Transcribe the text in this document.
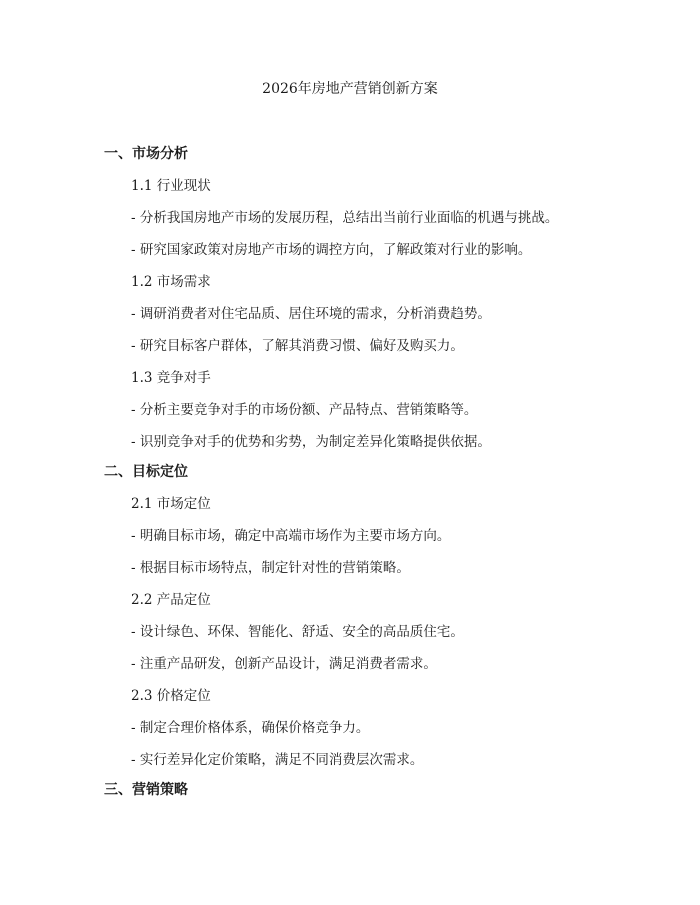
2026年房地产营销创新方案
一、市场分析
1.1 行业现状
- 分析我国房地产市场的发展历程，总结出当前行业面临的机遇与挑战。
- 研究国家政策对房地产市场的调控方向，了解政策对行业的影响。
1.2 市场需求
- 调研消费者对住宅品质、居住环境的需求，分析消费趋势。
- 研究目标客户群体，了解其消费习惯、偏好及购买力。
1.3 竞争对手
- 分析主要竞争对手的市场份额、产品特点、营销策略等。
- 识别竞争对手的优势和劣势，为制定差异化策略提供依据。
二、目标定位
2.1 市场定位
- 明确目标市场，确定中高端市场作为主要市场方向。
- 根据目标市场特点，制定针对性的营销策略。
2.2 产品定位
- 设计绿色、环保、智能化、舒适、安全的高品质住宅。
- 注重产品研发，创新产品设计，满足消费者需求。
2.3 价格定位
- 制定合理价格体系，确保价格竞争力。
- 实行差异化定价策略，满足不同消费层次需求。
三、营销策略
